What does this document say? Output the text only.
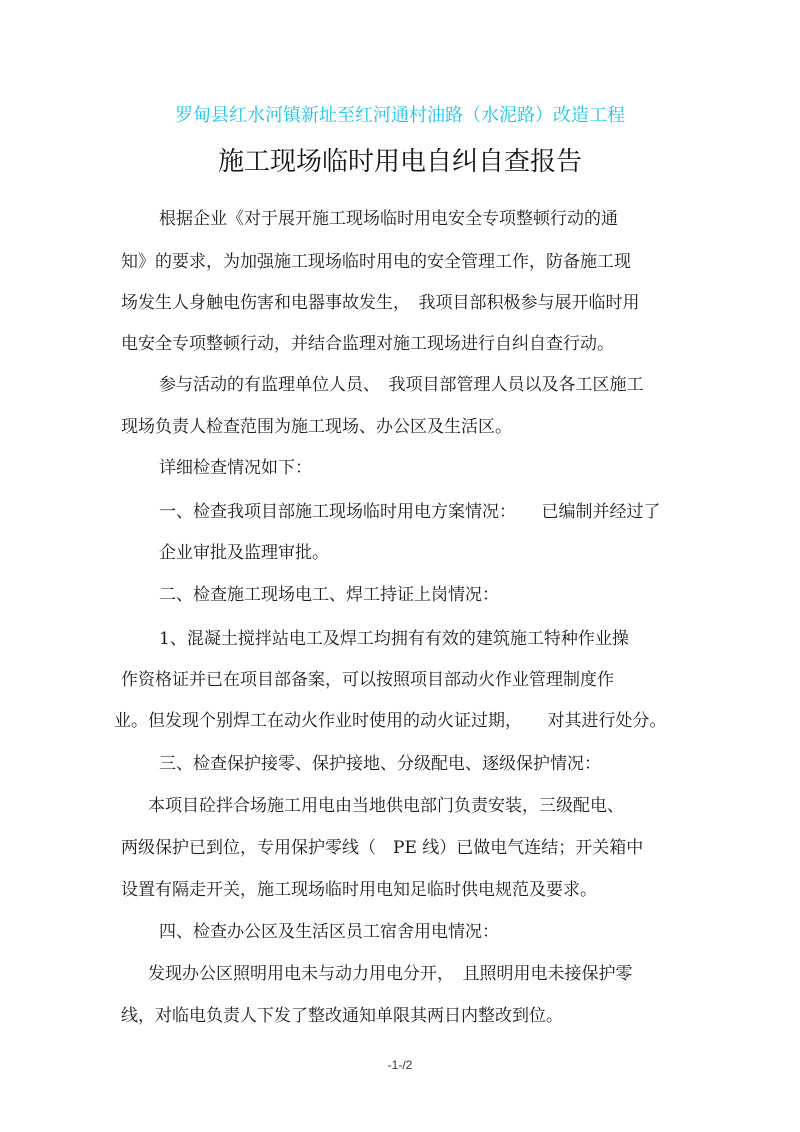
罗甸县红水河镇新址至红河通村油路（水泥路）改造工程
施工现场临时用电自纠自查报告
根据企业《对于展开施工现场临时用电安全专项整顿行动的通
知》的要求，为加强施工现场临时用电的安全管理工作，防备施工现
场发生人身触电伤害和电器事故发生，　我项目部积极参与展开临时用
电安全专项整顿行动，并结合监理对施工现场进行自纠自查行动。
参与活动的有监理单位人员、　我项目部管理人员以及各工区施工
现场负责人检查范围为施工现场、办公区及生活区。
详细检查情况如下：
一、检查我项目部施工现场临时用电方案情况：　　已编制并经过了
企业审批及监理审批。
二、检查施工现场电工、焊工持证上岗情况：
1、混凝土搅拌站电工及焊工均拥有有效的建筑施工特种作业操
作资格证并已在项目部备案，可以按照项目部动火作业管理制度作
业。但发现个别焊工在动火作业时使用的动火证过期，　　对其进行处分。
三、检查保护接零、保护接地、分级配电、逐级保护情况：
本项目砼拌合场施工用电由当地供电部门负责安装，三级配电、
两级保护已到位，专用保护零线（　PE 线）已做电气连结；开关箱中
设置有隔走开关，施工现场临时用电知足临时供电规范及要求。
四、检查办公区及生活区员工宿舍用电情况：
发现办公区照明用电未与动力用电分开，　且照明用电未接保护零
线，对临电负责人下发了整改通知单限其两日内整改到位。
-1-/2
